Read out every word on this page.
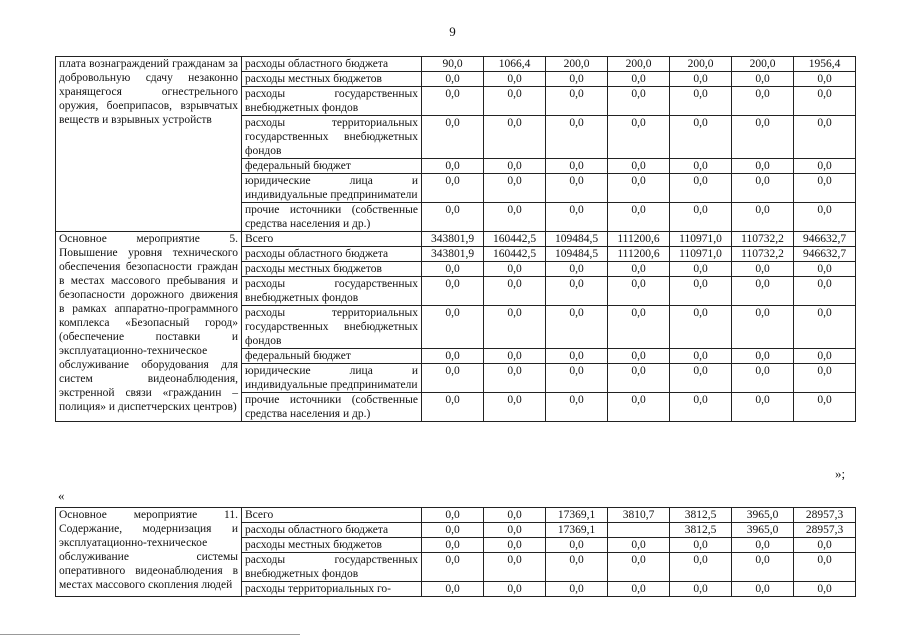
9
плата вознаграждений гражданам за добровольную сдачу незаконно хранящегося огнестрельного оружия, боеприпасов, взрывчатых веществ и взрывных устройств	расходы областного бюджета	90,0	1066,4	200,0	200,0	200,0	200,0	1956,4
	расходы местных бюджетов	0,0	0,0	0,0	0,0	0,0	0,0	0,0
	расходы государственных внебюджетных фондов	0,0	0,0	0,0	0,0	0,0	0,0	0,0
	расходы территориальных государственных внебюджетных фондов	0,0	0,0	0,0	0,0	0,0	0,0	0,0
	федеральный бюджет	0,0	0,0	0,0	0,0	0,0	0,0	0,0
	юридические лица и индивидуальные предприниматели	0,0	0,0	0,0	0,0	0,0	0,0	0,0
	прочие источники (собственные средства населения и др.)	0,0	0,0	0,0	0,0	0,0	0,0	0,0
Основное мероприятие 5. Повышение уровня технического обеспечения безопасности граждан в местах массового пребывания и безопасности дорожного движения в рамках аппаратно-программного комплекса «Безопасный город» (обеспечение поставки и эксплуатационно-техническое обслуживание оборудования для систем видеонаблюдения, экстренной связи «гражданин – полиция» и диспетчерских центров)	Всего	343801,9	160442,5	109484,5	111200,6	110971,0	110732,2	946632,7
	расходы областного бюджета	343801,9	160442,5	109484,5	111200,6	110971,0	110732,2	946632,7
	расходы местных бюджетов	0,0	0,0	0,0	0,0	0,0	0,0	0,0
	расходы государственных внебюджетных фондов	0,0	0,0	0,0	0,0	0,0	0,0	0,0
	расходы территориальных государственных внебюджетных фондов	0,0	0,0	0,0	0,0	0,0	0,0	0,0
	федеральный бюджет	0,0	0,0	0,0	0,0	0,0	0,0	0,0
	юридические лица и индивидуальные предприниматели	0,0	0,0	0,0	0,0	0,0	0,0	0,0
	прочие источники (собственные средства населения и др.)	0,0	0,0	0,0	0,0	0,0	0,0	0,0
»;
«
Основное мероприятие 11. Содержание, модернизация и эксплуатационно-техническое обслуживание системы оперативного видеонаблюдения в местах массового скопления людей	Всего	0,0	0,0	17369,1	3810,7	3812,5	3965,0	28957,3
	расходы областного бюджета	0,0	0,0	17369,1		3812,5	3965,0	28957,3
	расходы местных бюджетов	0,0	0,0	0,0	0,0	0,0	0,0	0,0
	расходы государственных внебюджетных фондов	0,0	0,0	0,0	0,0	0,0	0,0	0,0
	расходы территориальных го-	0,0	0,0	0,0	0,0	0,0	0,0	0,0
